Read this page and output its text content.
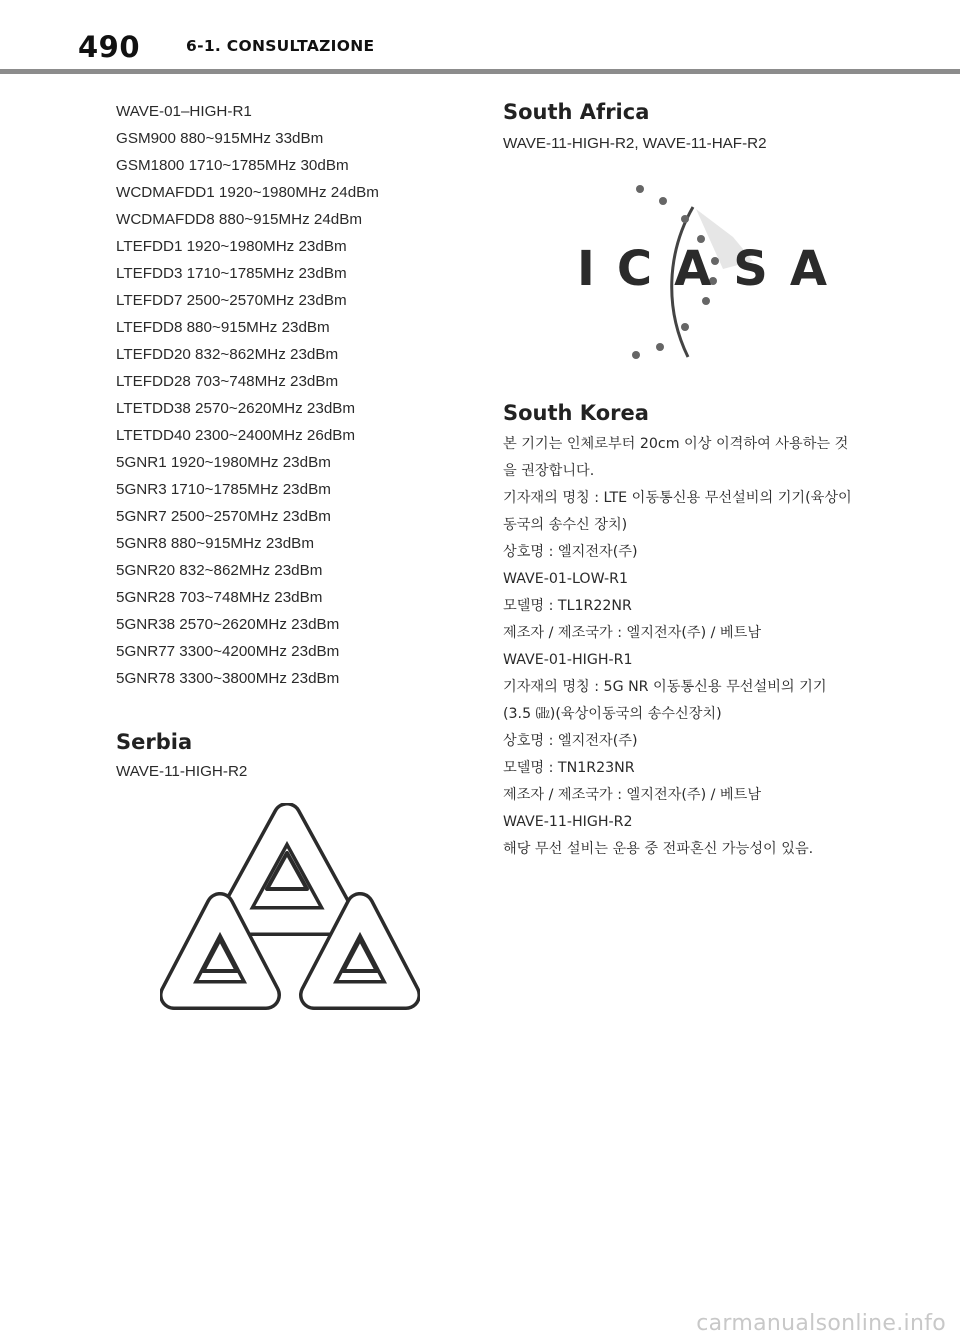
490	6-1. CONSULTAZIONE
WAVE-01–HIGH-R1
GSM900 880~915MHz 33dBm
GSM1800 1710~1785MHz 30dBm
WCDMAFDD1 1920~1980MHz 24dBm
WCDMAFDD8 880~915MHz 24dBm
LTEFDD1 1920~1980MHz 23dBm
LTEFDD3 1710~1785MHz 23dBm
LTEFDD7 2500~2570MHz 23dBm
LTEFDD8 880~915MHz 23dBm
LTEFDD20 832~862MHz 23dBm
LTEFDD28 703~748MHz 23dBm
LTETDD38 2570~2620MHz 23dBm
LTETDD40 2300~2400MHz 26dBm
5GNR1 1920~1980MHz 23dBm
5GNR3 1710~1785MHz 23dBm
5GNR7 2500~2570MHz 23dBm
5GNR8 880~915MHz 23dBm
5GNR20 832~862MHz 23dBm
5GNR28 703~748MHz 23dBm
5GNR38 2570~2620MHz 23dBm
5GNR77 3300~4200MHz 23dBm
5GNR78 3300~3800MHz 23dBm
Serbia
WAVE-11-HIGH-R2
South Africa
WAVE-11-HIGH-R2, WAVE-11-HAF-R2
ICASA
South Korea
본 기기는 인체로부터 20cm 이상 이격하여 사용하는 것을 권장합니다.
기자재의 명칭 : LTE 이동통신용 무선설비의 기기(육상이동국의 송수신 장치)
상호명 : 엘지전자(주)
WAVE-01-LOW-R1
모델명 : TL1R22NR
제조자 / 제조국가 : 엘지전자(주) / 베트남
WAVE-01-HIGH-R1
기자재의 명칭 : 5G NR 이동통신용 무선설비의 기기(3.5 ㎓)(육상이동국의 송수신장치)
상호명 : 엘지전자(주)
모델명 : TN1R23NR
제조자 / 제조국가 : 엘지전자(주) / 베트남
WAVE-11-HIGH-R2
해당 무선 설비는 운용 중 전파혼신 가능성이 있음.
carmanualsonline.info
